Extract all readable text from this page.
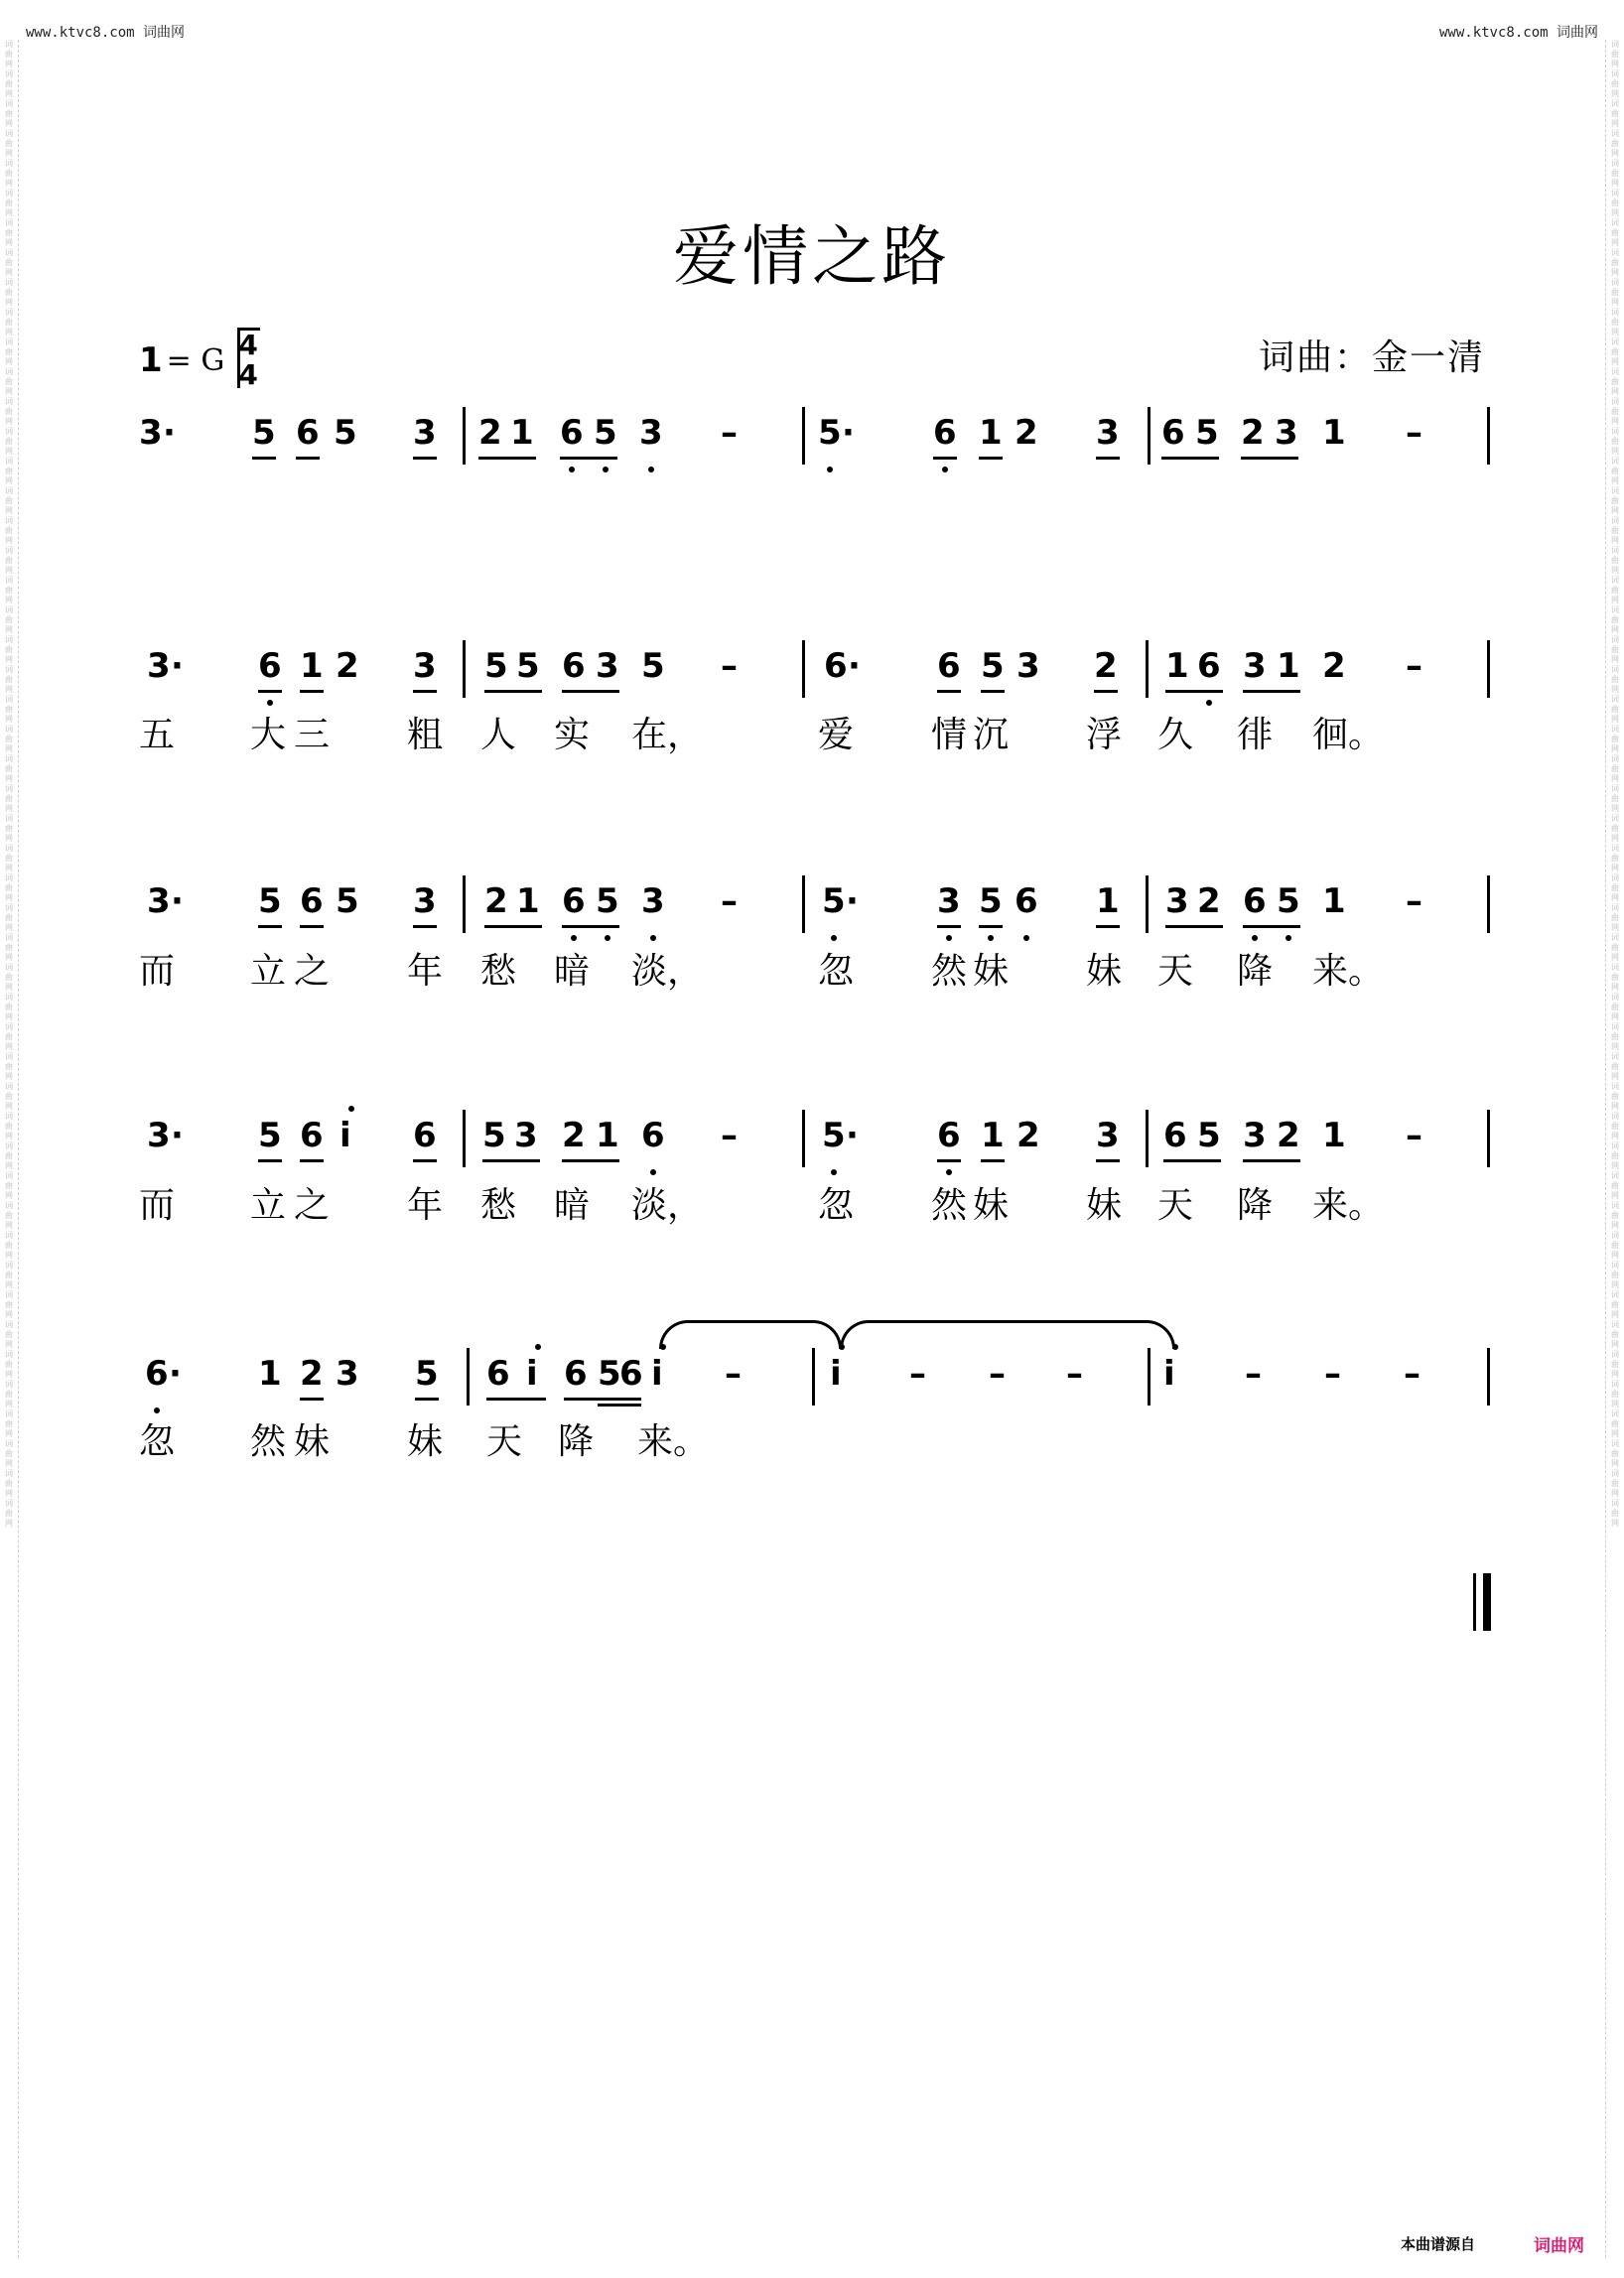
www.ktvc8.com 词曲网	www.ktvc8.com 词曲网
词曲网词曲网词曲网词曲网词曲网词曲网词曲网词曲网词曲网词曲网词曲网词曲网词曲网词曲网词曲网词曲网词曲网词曲网词曲网词曲网词曲网词曲网词曲网词曲网词曲网词曲网词曲网词曲网词曲网词曲网词曲网词曲网词曲网词曲网词曲网词曲网词曲网词曲网词曲网词曲网词曲网词曲网词曲网词曲网词曲网词曲网词曲网词曲网词曲网词曲网
词曲网词曲网词曲网词曲网词曲网词曲网词曲网词曲网词曲网词曲网词曲网词曲网词曲网词曲网词曲网词曲网词曲网词曲网词曲网词曲网词曲网词曲网词曲网词曲网词曲网词曲网词曲网词曲网词曲网词曲网词曲网词曲网词曲网词曲网词曲网词曲网词曲网词曲网词曲网词曲网词曲网词曲网词曲网词曲网词曲网词曲网词曲网词曲网词曲网词曲网
爱情之路
1 = G 4
4	词曲：金一清
3 · 5 6 5 3 2 1 6 5 3 – 5 · 6 1 2 3 6 5 2 3 1 –
3 · 6 1 2 3 5 5 6 3 5 –	6 · 6 5 3 2 1 6 3 1 2 –
五 大 三 粗 人 实 在，	爱 情 沉 浮 久 徘 徊。
3 · 5 6 5 3 2 1 6 5 3 –	5 · 3 5 6 1 3 2 6 5 1 –
而 立 之 年 愁 暗 淡，	忽 然 妹 妹 天 降 来。
3 · 5 6 i 6 5 3 2 1 6 –	5 · 6 1 2 3 6 5 3 2 1 –
而 立 之 年 愁 暗 淡，	忽 然 妹 妹 天 降 来。
6 · 1 2 3 5 6 i 6 5
6 i –	i – – – i – – –
忽 然 妹 妹 天 降 来。
本曲谱源自	词曲网
